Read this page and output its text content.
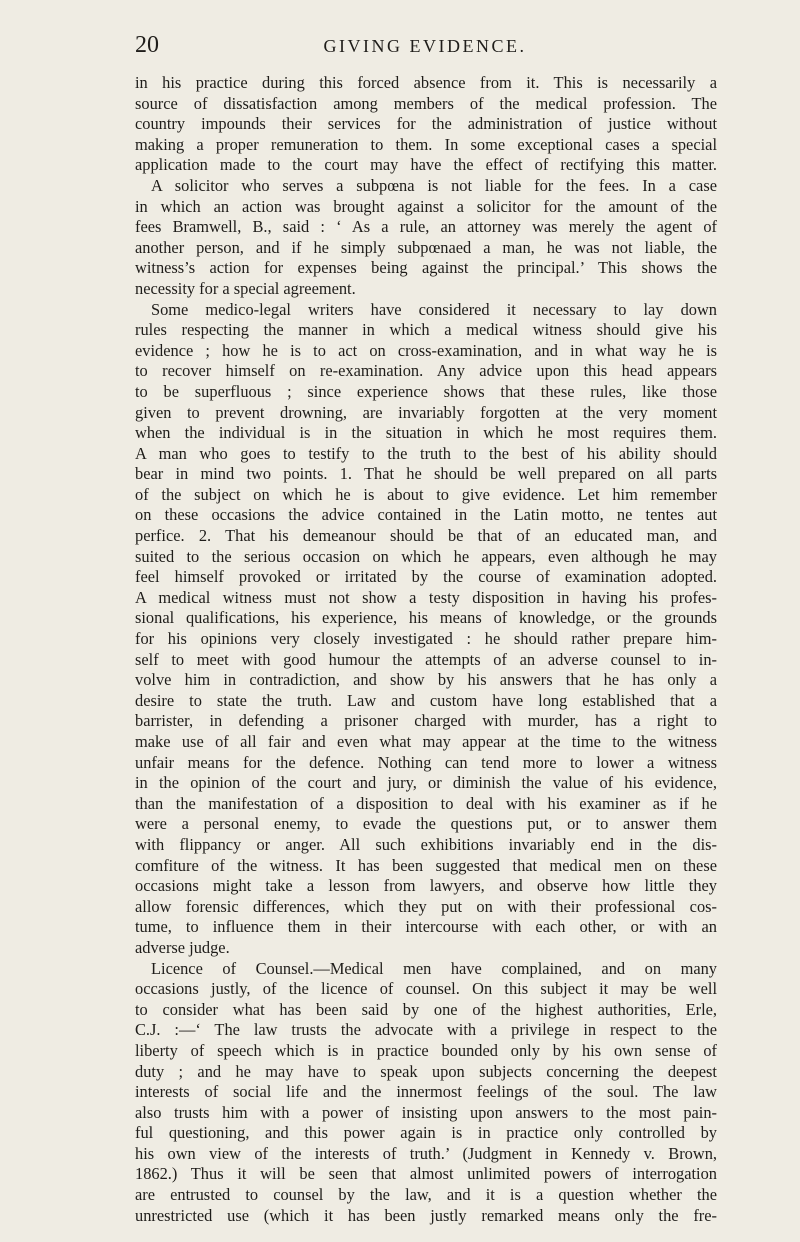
20	GIVING EVIDENCE.
in his practice during this forced absence from it. This is necessarily a
source of dissatisfaction among members of the medical profession. The
country impounds their services for the administration of justice without
making a proper remuneration to them. In some exceptional cases a special
application made to the court may have the effect of rectifying this matter.
A solicitor who serves a subpœna is not liable for the fees. In a case
in which an action was brought against a solicitor for the amount of the
fees Bramwell, B., said : ‘ As a rule, an attorney was merely the agent of
another person, and if he simply subpœnaed a man, he was not liable, the
witness’s action for expenses being against the principal.’ This shows the
necessity for a special agreement.
Some medico-legal writers have considered it necessary to lay down
rules respecting the manner in which a medical witness should give his
evidence ; how he is to act on cross-examination, and in what way he is
to recover himself on re-examination. Any advice upon this head appears
to be superfluous ; since experience shows that these rules, like those
given to prevent drowning, are invariably forgotten at the very moment
when the individual is in the situation in which he most requires them.
A man who goes to testify to the truth to the best of his ability should
bear in mind two points. 1. That he should be well prepared on all parts
of the subject on which he is about to give evidence. Let him remember
on these occasions the advice contained in the Latin motto, ne tentes aut
perfice. 2. That his demeanour should be that of an educated man, and
suited to the serious occasion on which he appears, even although he may
feel himself provoked or irritated by the course of examination adopted.
A medical witness must not show a testy disposition in having his profes-
sional qualifications, his experience, his means of knowledge, or the grounds
for his opinions very closely investigated : he should rather prepare him-
self to meet with good humour the attempts of an adverse counsel to in-
volve him in contradiction, and show by his answers that he has only a
desire to state the truth. Law and custom have long established that a
barrister, in defending a prisoner charged with murder, has a right to
make use of all fair and even what may appear at the time to the witness
unfair means for the defence. Nothing can tend more to lower a witness
in the opinion of the court and jury, or diminish the value of his evidence,
than the manifestation of a disposition to deal with his examiner as if he
were a personal enemy, to evade the questions put, or to answer them
with flippancy or anger. All such exhibitions invariably end in the dis-
comfiture of the witness. It has been suggested that medical men on these
occasions might take a lesson from lawyers, and observe how little they
allow forensic differences, which they put on with their professional cos-
tume, to influence them in their intercourse with each other, or with an
adverse judge.
Licence of Counsel.—Medical men have complained, and on many
occasions justly, of the licence of counsel. On this subject it may be well
to consider what has been said by one of the highest authorities, Erle,
C.J. :—‘ The law trusts the advocate with a privilege in respect to the
liberty of speech which is in practice bounded only by his own sense of
duty ; and he may have to speak upon subjects concerning the deepest
interests of social life and the innermost feelings of the soul. The law
also trusts him with a power of insisting upon answers to the most pain-
ful questioning, and this power again is in practice only controlled by
his own view of the interests of truth.’ (Judgment in Kennedy v. Brown,
1862.) Thus it will be seen that almost unlimited powers of interrogation
are entrusted to counsel by the law, and it is a question whether the
unrestricted use (which it has been justly remarked means only the fre-
